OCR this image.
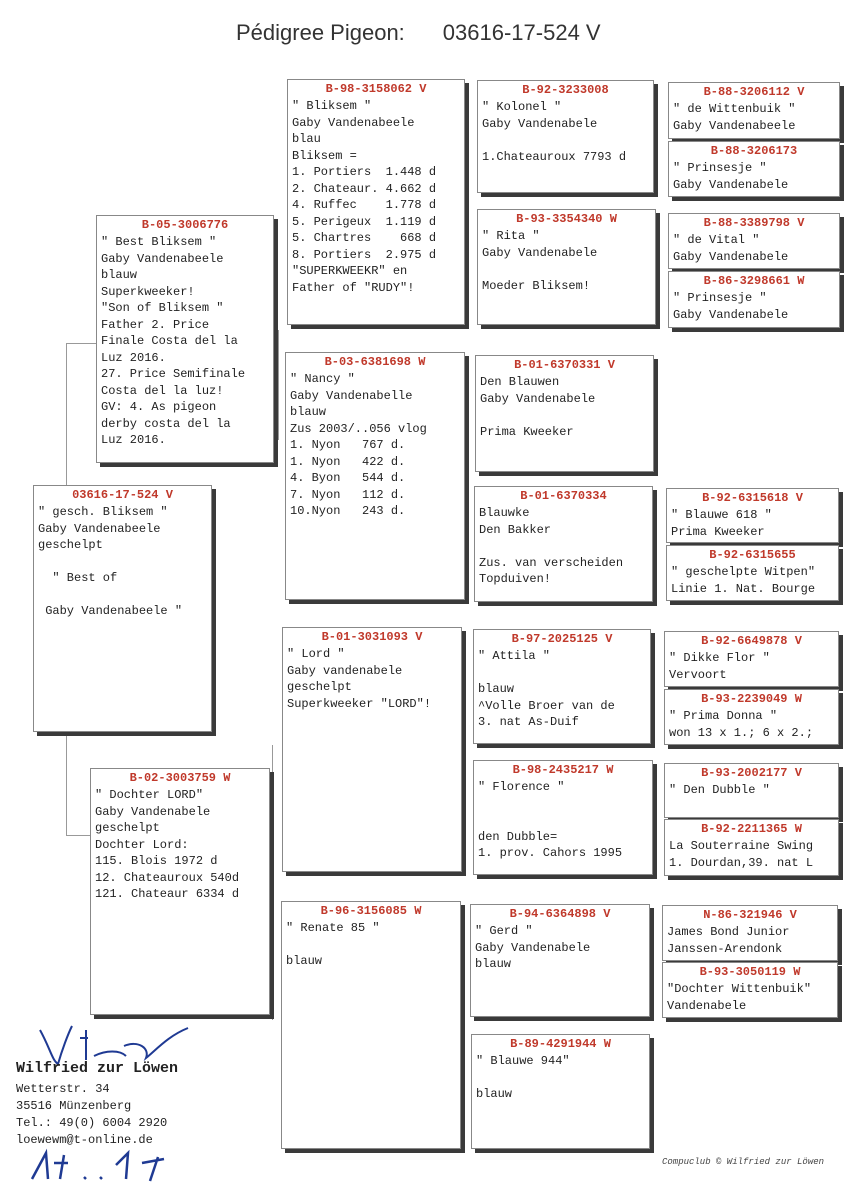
Pédigree Pigeon: 03616-17-524 V
03616-17-524 V
" gesch. Bliksem "
Gaby Vandenabeele
geschelpt
" Best of
Gaby Vandenabeele "
B-05-3006776
" Best Bliksem "
Gaby Vandenabeele
blauw
Superkweeker!
"Son of Bliksem "
Father 2. Price
Finale Costa del la
Luz 2016.
27. Price Semifinale
Costa del la luz!
GV: 4. As pigeon
derby costa del la
Luz 2016.
B-02-3003759 W
" Dochter LORD"
Gaby Vandenabele
geschelpt
Dochter Lord:
115. Blois 1972 d
12. Chateauroux 540d
121. Chateaur 6334 d
B-98-3158062 V
" Bliksem "
Gaby Vandenabeele
blau
Bliksem =
1. Portiers  1.448 d
2. Chateaur. 4.662 d
4. Ruffec    1.778 d
5. Perigeux  1.119 d
5. Chartres    668 d
8. Portiers  2.975 d
"SUPERKWEEKR" en
Father of "RUDY"!
B-03-6381698 W
" Nancy "
Gaby Vandenabelle
blauw
Zus 2003/..056 vlog
1. Nyon   767 d.
1. Nyon   422 d.
4. Byon   544 d.
7. Nyon   112 d.
10.Nyon   243 d.
B-01-3031093 V
" Lord "
Gaby vandenabele
geschelpt
Superkweeker "LORD"!
B-96-3156085 W
" Renate 85 "
blauw
B-92-3233008
" Kolonel "
Gaby Vandenabele
1.Chateauroux 7793 d
B-93-3354340 W
" Rita "
Gaby Vandenabele
Moeder Bliksem!
B-01-6370331 V
Den Blauwen
Gaby Vandenabele
Prima Kweeker
B-01-6370334
Blauwke
Den Bakker
Zus. van verscheiden
Topduiven!
B-97-2025125 V
" Attila "
blauw
^Volle Broer van de
3. nat As-Duif
B-98-2435217 W
" Florence "
den Dubble=
1. prov. Cahors 1995
B-94-6364898 V
" Gerd "
Gaby Vandenabele
blauw
B-89-4291944 W
" Blauwe 944"
blauw
B-88-3206112 V
" de Wittenbuik "
Gaby Vandenabeele
B-88-3206173
" Prinsesje "
Gaby Vandenabele
B-88-3389798 V
" de Vital "
Gaby Vandenabele
B-86-3298661 W
" Prinsesje "
Gaby Vandenabele
B-92-6315618 V
" Blauwe 618 "
Prima Kweeker
B-92-6315655
" geschelpte Witpen"
Linie 1. Nat. Bourge
B-92-6649878 V
" Dikke Flor "
Vervoort
B-93-2239049 W
" Prima Donna "
won 13 x 1.; 6 x 2.;
B-93-2002177 V
" Den Dubble "
B-92-2211365 W
La Souterraine Swing
1. Dourdan,39. nat L
N-86-321946 V
James Bond Junior
Janssen-Arendonk
B-93-3050119 W
"Dochter Wittenbuik"
Vandenabele
Wilfried zur Löwen
Wetterstr. 34
35516 Münzenberg
Tel.: 49(0) 6004 2920
loewewm@t-online.de
Compuclub © Wilfried zur Löwen
